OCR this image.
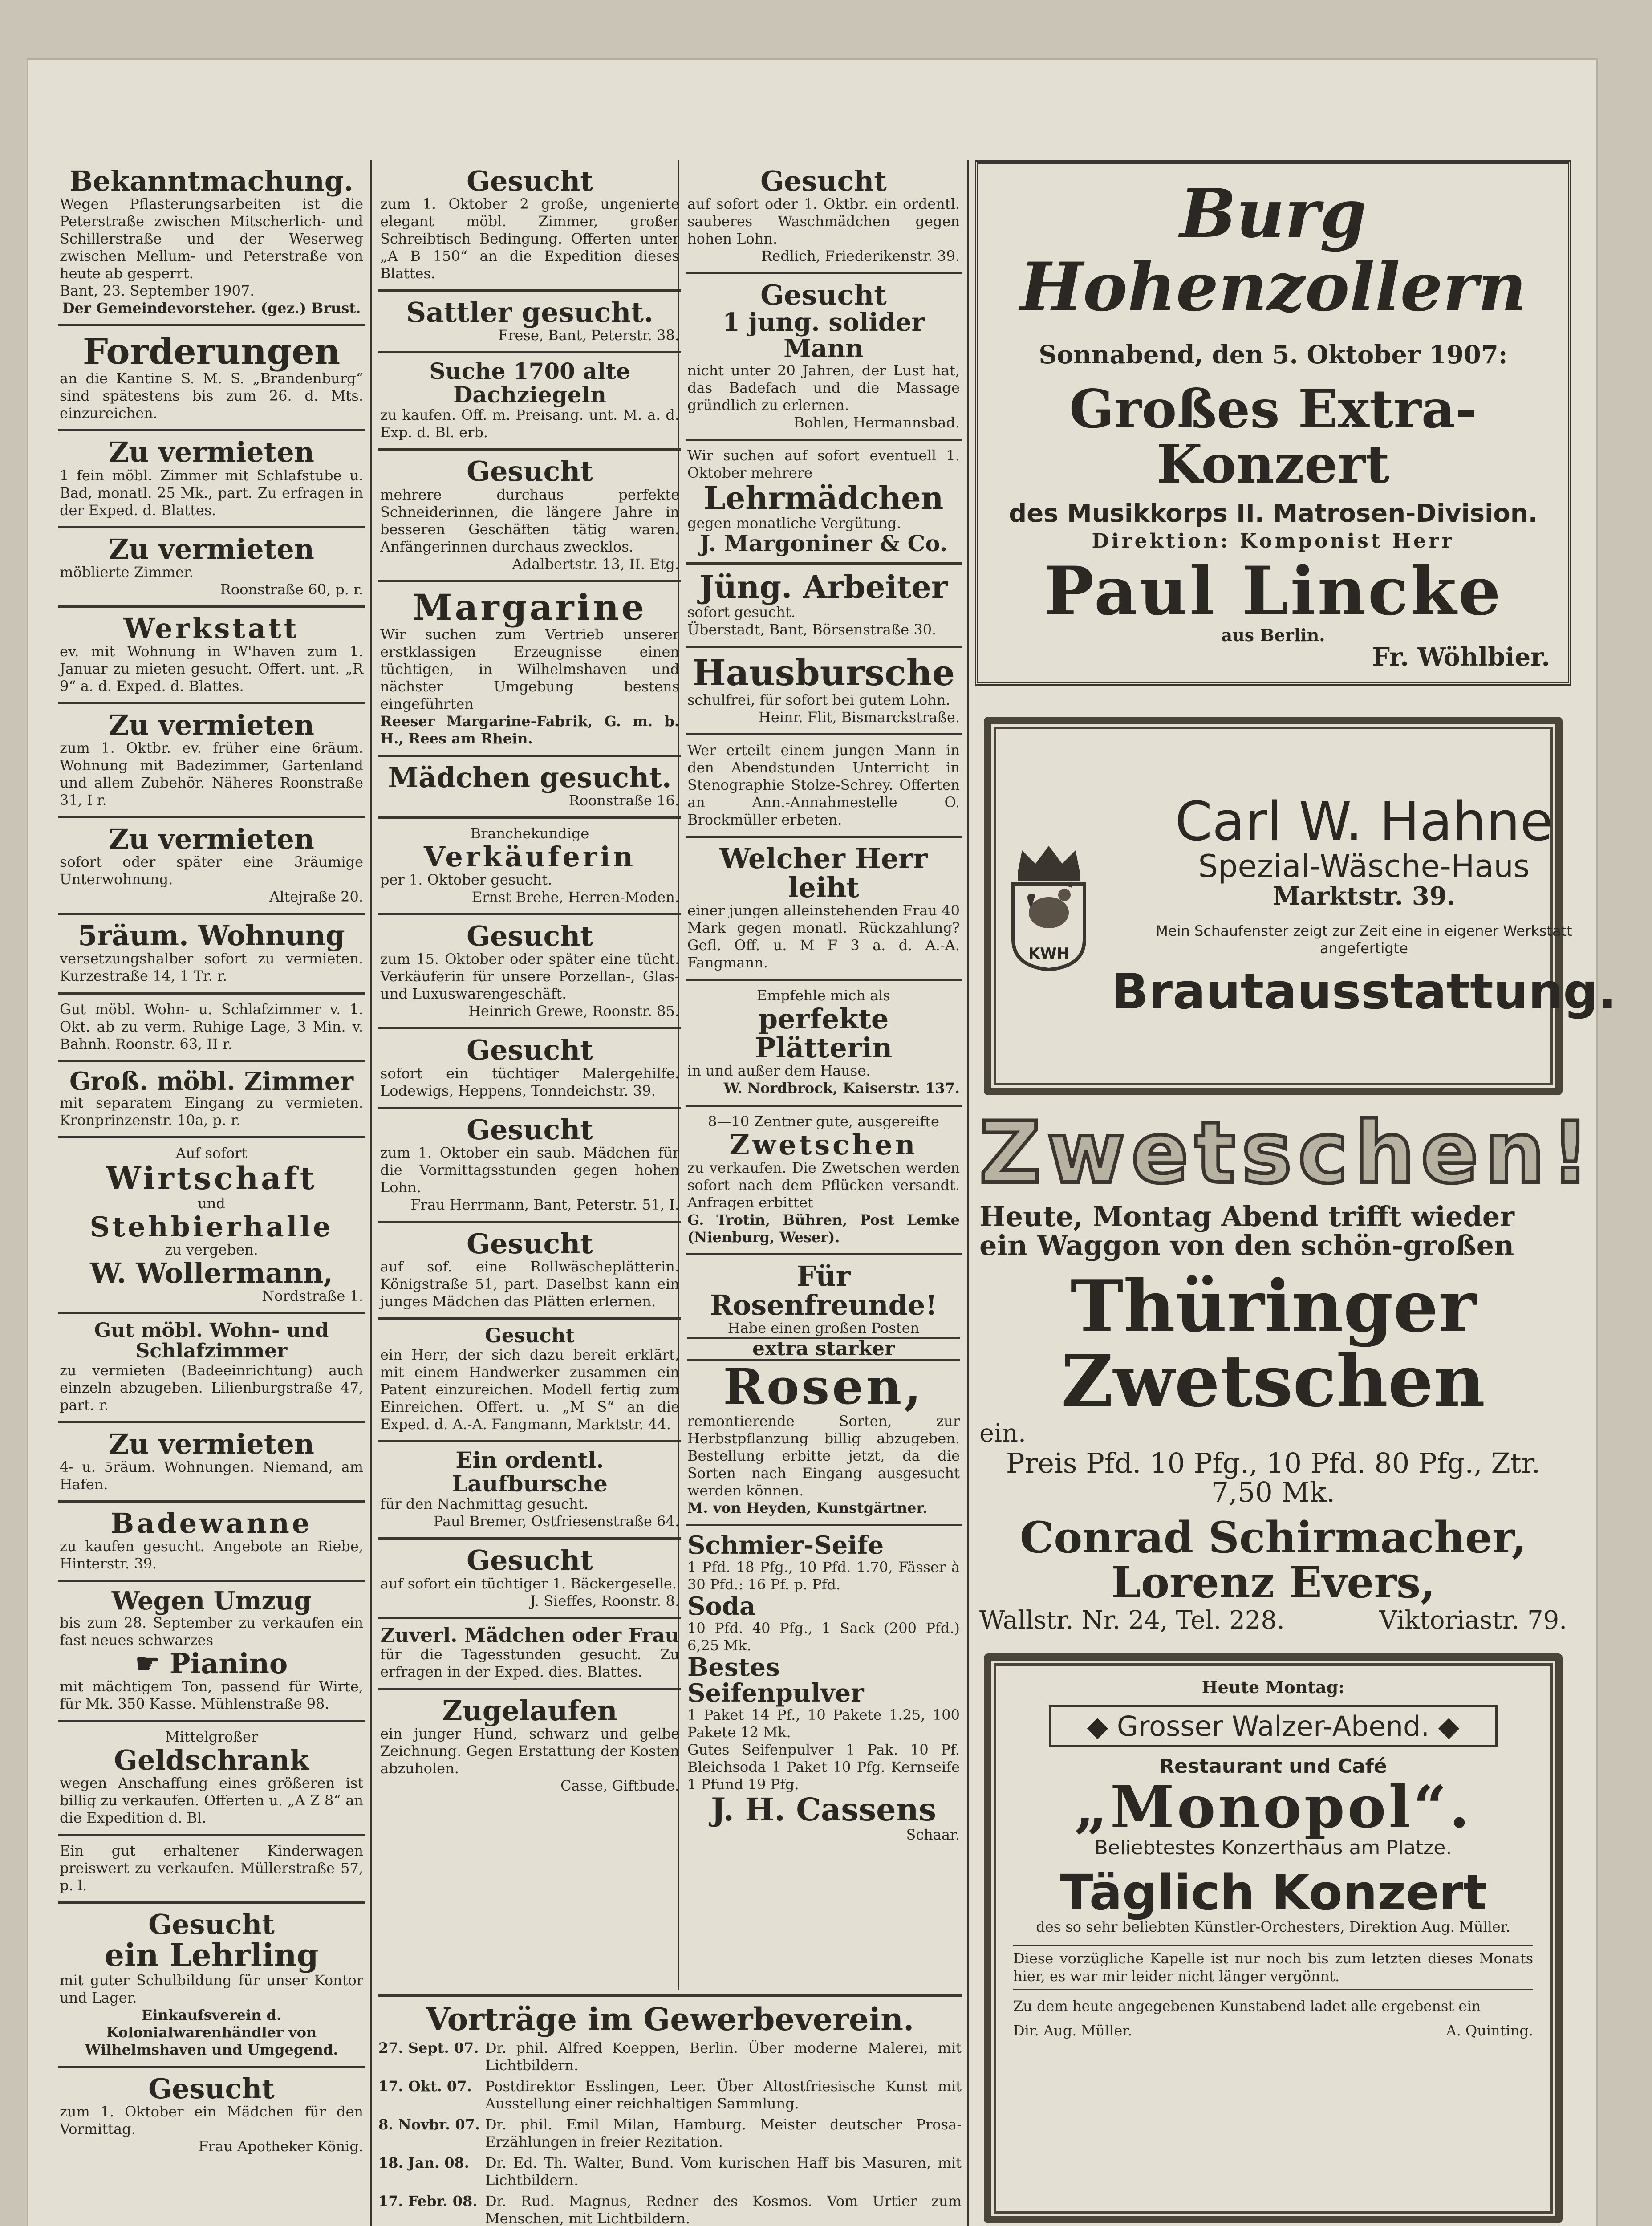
Bekanntmachung.
Wegen Pflasterungsarbeiten ist die Peterstraße zwischen Mitscherlich- und Schillerstraße und der Weserweg zwischen Mellum- und Peterstraße von heute ab gesperrt.
Bant, 23. September 1907.
Der Gemeindevorsteher. (gez.) Brust.
Forderungen
an die Kantine S. M. S. „Brandenburg“ sind spätestens bis zum 26. d. Mts. einzureichen.
Zu vermieten
1 fein möbl. Zimmer mit Schlafstube u. Bad, monatl. 25 Mk., part. Zu erfragen in der Exped. d. Blattes.
Zu vermieten
möblierte Zimmer.
Roonstraße 60, p. r.
Werkstatt
ev. mit Wohnung in W'haven zum 1. Januar zu mieten gesucht. Offert. unt. „R 9“ a. d. Exped. d. Blattes.
Zu vermieten
zum 1. Oktbr. ev. früher eine 6räum. Wohnung mit Badezimmer, Gartenland und allem Zubehör. Näheres Roonstraße 31, I r.
Zu vermieten
sofort oder später eine 3räumige Unterwohnung.
Altejraße 20.
5räum. Wohnung
versetzungshalber sofort zu vermieten. Kurzestraße 14, 1 Tr. r.
Gut möbl. Wohn- u. Schlafzimmer v. 1. Okt. ab zu verm. Ruhige Lage, 3 Min. v. Bahnh. Roonstr. 63, II r.
Groß. möbl. Zimmer
mit separatem Eingang zu vermieten. Kronprinzenstr. 10a, p. r.
Auf sofort
Wirtschaft
und
Stehbierhalle
zu vergeben.
W. Wollermann,
Nordstraße 1.
Gut möbl. Wohn- und Schlafzimmer
zu vermieten (Badeeinrichtung) auch einzeln abzugeben. Lilienburgstraße 47, part. r.
Zu vermieten
4- u. 5räum. Wohnungen. Niemand, am Hafen.
Badewanne
zu kaufen gesucht. Angebote an Riebe, Hinterstr. 39.
Wegen Umzug
bis zum 28. September zu verkaufen ein fast neues schwarzes
☛ Pianino
mit mächtigem Ton, passend für Wirte, für Mk. 350 Kasse. Mühlenstraße 98.
Mittelgroßer
Geldschrank
wegen Anschaffung eines größeren ist billig zu verkaufen. Offerten u. „A Z 8“ an die Expedition d. Bl.
Ein gut erhaltener Kinderwagen preiswert zu verkaufen. Müllerstraße 57, p. l.
Gesucht
ein Lehrling
mit guter Schulbildung für unser Kontor und Lager.
Einkaufsverein d. Kolonialwarenhändler von Wilhelmshaven und Umgegend.
Gesucht
zum 1. Oktober ein Mädchen für den Vormittag.
Frau Apotheker König.
Gesucht
zum 1. Oktober 2 große, ungenierte elegant möbl. Zimmer, großer Schreibtisch Bedingung. Offerten unter „A B 150“ an die Expedition dieses Blattes.
Sattler gesucht.
Frese, Bant, Peterstr. 38.
Suche 1700 alte Dachziegeln
zu kaufen. Off. m. Preisang. unt. M. a. d. Exp. d. Bl. erb.
Gesucht
mehrere durchaus perfekte Schneiderinnen, die längere Jahre in besseren Geschäften tätig waren. Anfängerinnen durchaus zwecklos.
Adalbertstr. 13, II. Etg.
Margarine
Wir suchen zum Vertrieb unserer erstklassigen Erzeugnisse einen tüchtigen, in Wilhelmshaven und nächster Umgebung bestens eingeführten
Reeser Margarine-Fabrik, G. m. b. H., Rees am Rhein.
Mädchen gesucht.
Roonstraße 16.
Branchekundige
Verkäuferin
per 1. Oktober gesucht.
Ernst Brehe, Herren-Moden.
Gesucht
zum 15. Oktober oder später eine tücht. Verkäuferin für unsere Porzellan-, Glas- und Luxuswarengeschäft.
Heinrich Grewe, Roonstr. 85.
Gesucht
sofort ein tüchtiger Malergehilfe. Lodewigs, Heppens, Tonndeichstr. 39.
Gesucht
zum 1. Oktober ein saub. Mädchen für die Vormittagsstunden gegen hohen Lohn.
Frau Herrmann, Bant, Peterstr. 51, I.
Gesucht
auf sof. eine Rollwäscheplätterin. Königstraße 51, part. Daselbst kann ein junges Mädchen das Plätten erlernen.
Gesucht
ein Herr, der sich dazu bereit erklärt, mit einem Handwerker zusammen ein Patent einzureichen. Modell fertig zum Einreichen. Offert. u. „M S“ an die Exped. d. A.-A. Fangmann, Marktstr. 44.
Ein ordentl. Laufbursche
für den Nachmittag gesucht.
Paul Bremer, Ostfriesenstraße 64.
Gesucht
auf sofort ein tüchtiger 1. Bäckergeselle.
J. Sieffes, Roonstr. 8.
Zuverl. Mädchen oder Frau
für die Tagesstunden gesucht. Zu erfragen in der Exped. dies. Blattes.
Zugelaufen
ein junger Hund, schwarz und gelbe Zeichnung. Gegen Erstattung der Kosten abzuholen.
Casse, Giftbude.
Gesucht
auf sofort oder 1. Oktbr. ein ordentl. sauberes Waschmädchen gegen hohen Lohn.
Redlich, Friederikenstr. 39.
Gesucht
1 jung. solider Mann
nicht unter 20 Jahren, der Lust hat, das Badefach und die Massage gründlich zu erlernen.
Bohlen, Hermannsbad.
Wir suchen auf sofort eventuell 1. Oktober mehrere
Lehrmädchen
gegen monatliche Vergütung.
J. Margoniner & Co.
Jüng. Arbeiter
sofort gesucht.
Überstadt, Bant, Börsenstraße 30.
Hausbursche
schulfrei, für sofort bei gutem Lohn.
Heinr. Flit, Bismarckstraße.
Wer erteilt einem jungen Mann in den Abendstunden Unterricht in Stenographie Stolze-Schrey. Offerten an Ann.-Annahmestelle O. Brockmüller erbeten.
Welcher Herr leiht
einer jungen alleinstehenden Frau 40 Mark gegen monatl. Rückzahlung? Gefl. Off. u. M F 3 a. d. A.-A. Fangmann.
Empfehle mich als
perfekte Plätterin
in und außer dem Hause.
W. Nordbrock, Kaiserstr. 137.
8—10 Zentner gute, ausgereifte
Zwetschen
zu verkaufen. Die Zwetschen werden sofort nach dem Pflücken versandt. Anfragen erbittet
G. Trotin, Bühren, Post Lemke (Nienburg, Weser).
Für Rosenfreunde!
Habe einen großen Posten
extra starker
Rosen,
remontierende Sorten, zur Herbstpflanzung billig abzugeben. Bestellung erbitte jetzt, da die Sorten nach Eingang ausgesucht werden können.
M. von Heyden, Kunstgärtner.
Schmier-Seife
1 Pfd. 18 Pfg., 10 Pfd. 1.70, Fässer à 30 Pfd.: 16 Pf. p. Pfd.
Soda
10 Pfd. 40 Pfg., 1 Sack (200 Pfd.) 6,25 Mk.
Bestes Seifenpulver
1 Paket 14 Pf., 10 Pakete 1.25, 100 Pakete 12 Mk.
Gutes Seifenpulver 1 Pak. 10 Pf. Bleichsoda 1 Paket 10 Pfg. Kernseife 1 Pfund 19 Pfg.
J. H. Cassens
Schaar.
Vorträge im Gewerbeverein.
27. Sept. 07. Dr. phil. Alfred Koeppen, Berlin. Über moderne Malerei, mit Lichtbildern.
17. Okt. 07. Postdirektor Esslingen, Leer. Über Altostfriesische Kunst mit Ausstellung einer reichhaltigen Sammlung.
8. Novbr. 07. Dr. phil. Emil Milan, Hamburg. Meister deutscher Prosa-Erzählungen in freier Rezitation.
18. Jan. 08.	Dr. Ed. Th. Walter, Bund. Vom kurischen Haff bis Masuren, mit Lichtbildern.
17. Febr. 08. Dr. Rud. Magnus, Redner des Kosmos. Vom Urtier zum Menschen, mit Lichtbildern.
Burg Hohenzollern
Sonnabend, den 5. Oktober 1907:
Großes Extra-Konzert
des Musikkorps II. Matrosen-Division.
Direktion: Komponist Herr
Paul Lincke
aus Berlin.
Fr. Wöhlbier.
KWH
Carl W. Hahne
Spezial-Wäsche-Haus
Marktstr. 39.
Mein Schaufenster zeigt zur Zeit eine in eigener Werkstatt angefertigte
Brautausstattung.
Zwetschen!
Heute, Montag Abend trifft wieder ein Waggon von den schön-großen
Thüringer Zwetschen
ein.
Preis Pfd. 10 Pfg., 10 Pfd. 80 Pfg., Ztr. 7,50 Mk.
Conrad Schirmacher, Lorenz Evers,
Wallstr. Nr. 24, Tel. 228.	Viktoriastr. 79.
Heute Montag:
◆ Grosser Walzer-Abend. ◆
Restaurant und Café
„Monopol“.
Beliebtestes Konzerthaus am Platze.
Täglich Konzert
des so sehr beliebten Künstler-Orchesters, Direktion Aug. Müller.
Diese vorzügliche Kapelle ist nur noch bis zum letzten dieses Monats hier, es war mir leider nicht länger vergönnt.
Zu dem heute angegebenen Kunstabend ladet alle ergebenst ein
Dir. Aug. Müller.	A. Quinting.
